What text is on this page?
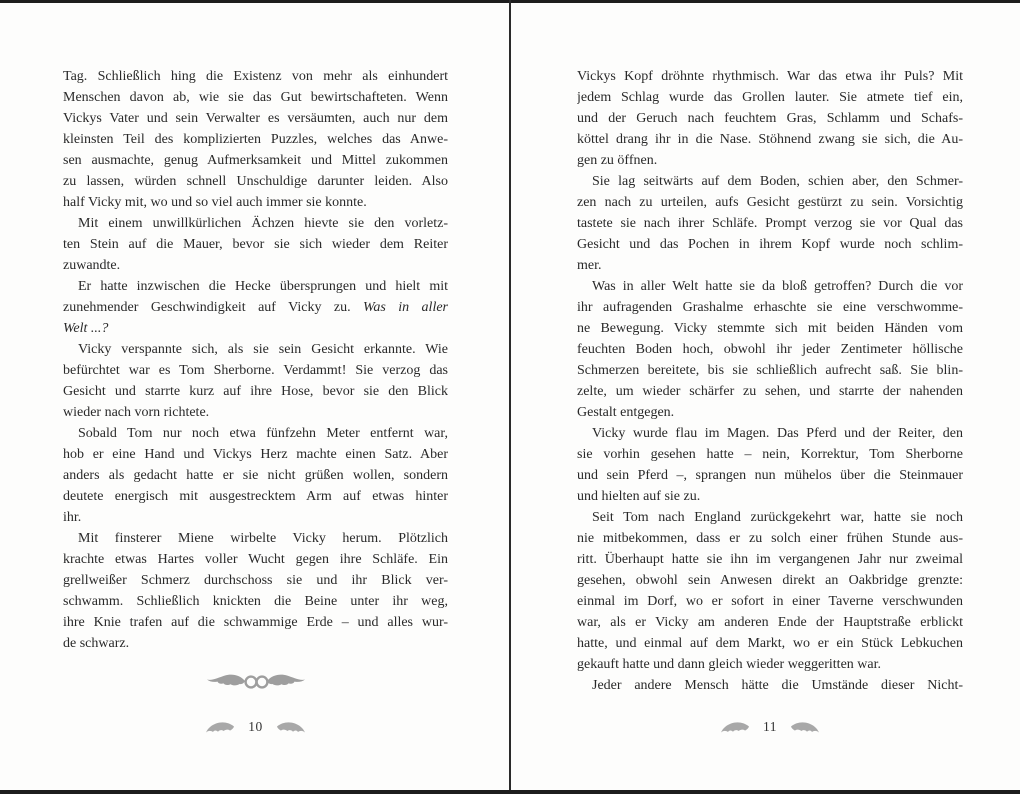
Tag. Schließlich hing die Existenz von mehr als einhundert
Menschen davon ab, wie sie das Gut bewirtschafteten. Wenn
Vickys Vater und sein Verwalter es versäumten, auch nur dem
kleinsten Teil des komplizierten Puzzles, welches das Anwe-
sen ausmachte, genug Aufmerksamkeit und Mittel zukommen
zu lassen, würden schnell Unschuldige darunter leiden. Also
half Vicky mit, wo und so viel auch immer sie konnte.
Mit einem unwillkürlichen Ächzen hievte sie den vorletz-
ten Stein auf die Mauer, bevor sie sich wieder dem Reiter
zuwandte.
Er hatte inzwischen die Hecke übersprungen und hielt mit
zunehmender Geschwindigkeit auf Vicky zu. Was in aller
Welt ...?
Vicky verspannte sich, als sie sein Gesicht erkannte. Wie
befürchtet war es Tom Sherborne. Verdammt! Sie verzog das
Gesicht und starrte kurz auf ihre Hose, bevor sie den Blick
wieder nach vorn richtete.
Sobald Tom nur noch etwa fünfzehn Meter entfernt war,
hob er eine Hand und Vickys Herz machte einen Satz. Aber
anders als gedacht hatte er sie nicht grüßen wollen, sondern
deutete energisch mit ausgestrecktem Arm auf etwas hinter
ihr.
Mit finsterer Miene wirbelte Vicky herum. Plötzlich
krachte etwas Hartes voller Wucht gegen ihre Schläfe. Ein
grellweißer Schmerz durchschoss sie und ihr Blick ver-
schwamm. Schließlich knickten die Beine unter ihr weg,
ihre Knie trafen auf die schwammige Erde – und alles wur-
de schwarz.
10
Vickys Kopf dröhnte rhythmisch. War das etwa ihr Puls? Mit
jedem Schlag wurde das Grollen lauter. Sie atmete tief ein,
und der Geruch nach feuchtem Gras, Schlamm und Schafs-
köttel drang ihr in die Nase. Stöhnend zwang sie sich, die Au-
gen zu öffnen.
Sie lag seitwärts auf dem Boden, schien aber, den Schmer-
zen nach zu urteilen, aufs Gesicht gestürzt zu sein. Vorsichtig
tastete sie nach ihrer Schläfe. Prompt verzog sie vor Qual das
Gesicht und das Pochen in ihrem Kopf wurde noch schlim-
mer.
Was in aller Welt hatte sie da bloß getroffen? Durch die vor
ihr aufragenden Grashalme erhaschte sie eine verschwomme-
ne Bewegung. Vicky stemmte sich mit beiden Händen vom
feuchten Boden hoch, obwohl ihr jeder Zentimeter höllische
Schmerzen bereitete, bis sie schließlich aufrecht saß. Sie blin-
zelte, um wieder schärfer zu sehen, und starrte der nahenden
Gestalt entgegen.
Vicky wurde flau im Magen. Das Pferd und der Reiter, den
sie vorhin gesehen hatte – nein, Korrektur, Tom Sherborne
und sein Pferd –, sprangen nun mühelos über die Steinmauer
und hielten auf sie zu.
Seit Tom nach England zurückgekehrt war, hatte sie noch
nie mitbekommen, dass er zu solch einer frühen Stunde aus-
ritt. Überhaupt hatte sie ihn im vergangenen Jahr nur zweimal
gesehen, obwohl sein Anwesen direkt an Oakbridge grenzte:
einmal im Dorf, wo er sofort in einer Taverne verschwunden
war, als er Vicky am anderen Ende der Hauptstraße erblickt
hatte, und einmal auf dem Markt, wo er ein Stück Lebkuchen
gekauft hatte und dann gleich wieder weggeritten war.
Jeder andere Mensch hätte die Umstände dieser Nicht-
11
